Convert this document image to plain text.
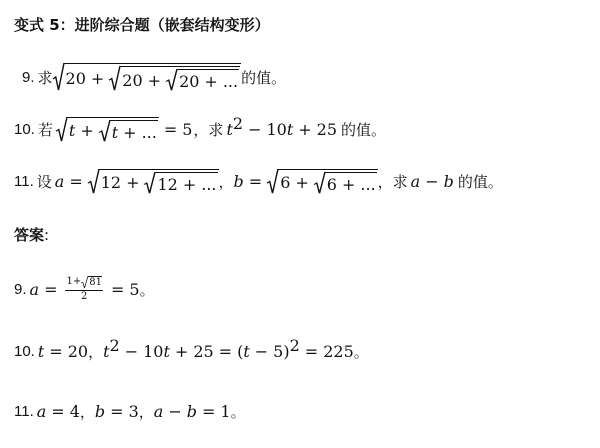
变式 5：进阶综合题（嵌套结构变形）
9. 求 20 + 20 + 20 + ... 的值。
10. 若 t + t + ... = 5 ，求 $t^2 - 10$ t + 25 的值。
11. 设 a = 12 + 12 + ... ， b = 6 + 6 + ... ，求 a − b 的值。
答案 :
9. $a = \frac{1 + 81}{2} = 5$ 。
10. t = 20 ， $t^2 - 10$ t + 25 = ( t − 5 )$^2$ = 225 。
11. a = 4 ， b = 3 ， a − b = 1 。
